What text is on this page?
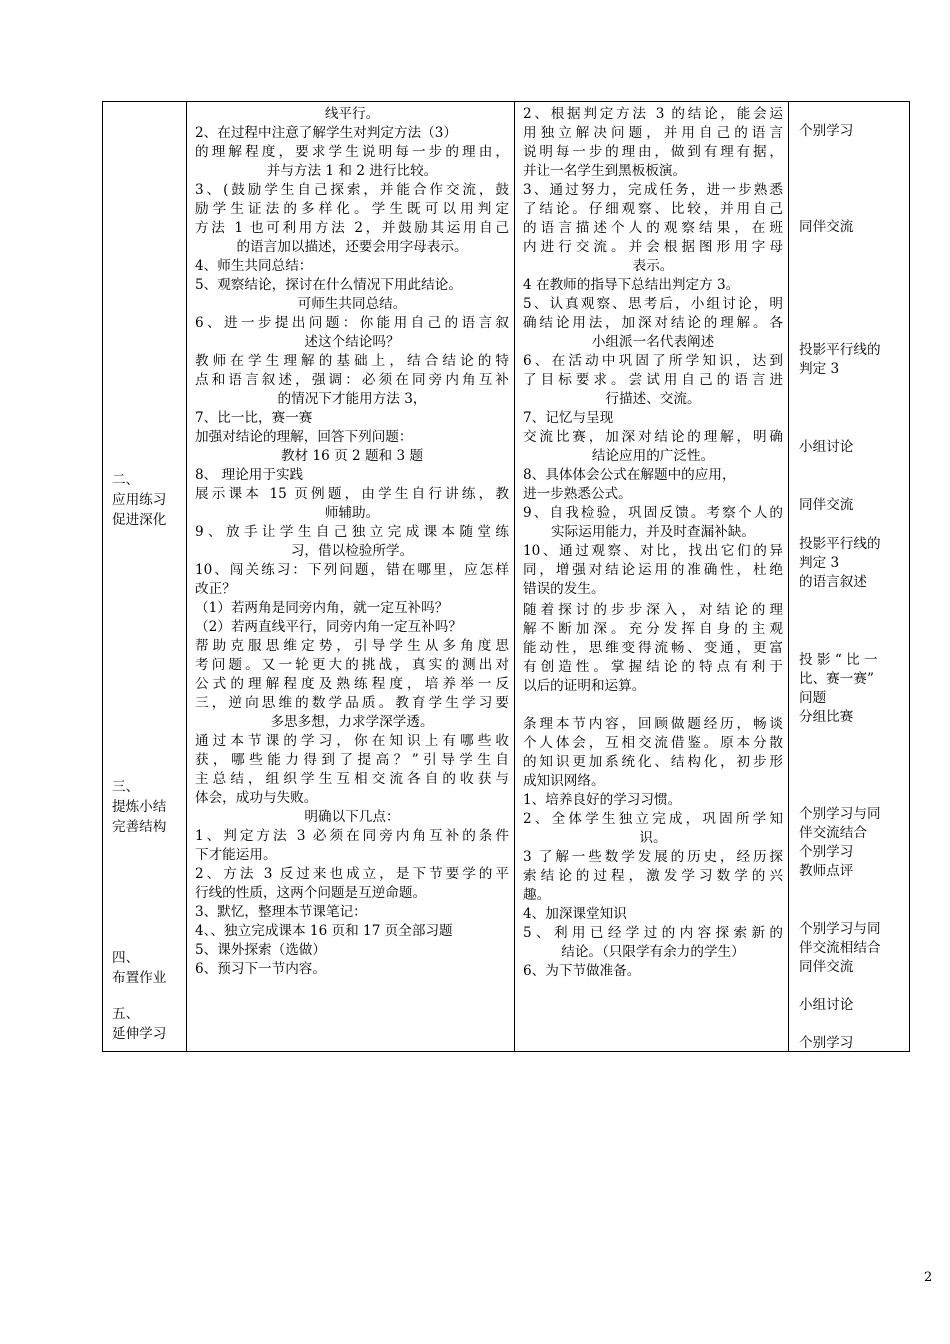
二、
应用练习
促进深化
三、
提炼小结
完善结构
四、
布置作业
五、
延伸学习
线平行。
2、在过程中注意了解学生对判定方法（3）
的理解程度，要求学生说明每一步的理由，
并与方法 1 和 2 进行比较。
3、(鼓励学生自己探索，并能合作交流，鼓
励学生证法的多样化。学生既可以用判定
方法 1 也可利用方法 2，并鼓励其运用自己
的语言加以描述，还要会用字母表示。
4、师生共同总结：
5、观察结论，探讨在什么情况下用此结论。
可师生共同总结。
6、进一步提出问题：你能用自己的语言叙
述这个结论吗？
教师在学生理解的基础上，结合结论的特
点和语言叙述，强调：必须在同旁内角互补
的情况下才能用方法 3，
7、比一比，赛一赛
加强对结论的理解，回答下列问题：
教材 16 页 2 题和 3 题
8、 理论用于实践
展示课本 15 页例题，由学生自行讲练，教
师辅助。
9、放手让学生自己独立完成课本随堂练
习，借以检验所学。
10、闯关练习：下列问题，错在哪里，应怎样
改正？
（1）若两角是同旁内角，就一定互补吗？
（2）若两直线平行，同旁内角一定互补吗？
帮助克服思维定势，引导学生从多角度思
考问题。又一轮更大的挑战，真实的测出对
公式的理解程度及熟练程度，培养举一反
三，逆向思维的数学品质。教育学生学习要
多思多想，力求学深学透。
通过本节课的学习，你在知识上有哪些收
获，哪些能力得到了提高？”引导学生自
主总结，组织学生互相交流各自的收获与
体会，成功与失败。
明确以下几点：
1、判定方法 3 必须在同旁内角互补的条件
下才能运用。
2、方法 3 反过来也成立，是下节要学的平
行线的性质，这两个问题是互逆命题。
3、默忆，整理本节课笔记：
4、、独立完成课本 16 页和 17 页全部习题
5、课外探索（选做）
6、预习下一节内容。
2、根据判定方法 3 的结论，能会运
用独立解决问题，并用自己的语言
说明每一步的理由，做到有理有据，
并让一名学生到黑板板演。
3、通过努力，完成任务，进一步熟悉
了结论。仔细观察、比较，并用自己
的语言描述个人的观察结果，在班
内进行交流。并会根据图形用字母
表示。
4 在教师的指导下总结出判定方 3。
5、认真观察、思考后，小组讨论，明
确结论用法，加深对结论的理解。各
小组派一名代表阐述
6、在活动中巩固了所学知识，达到
了目标要求。尝试用自己的语言进
行描述、交流。
7、记忆与呈现
交流比赛，加深对结论的理解，明确
结论应用的广泛性。
8、具体体会公式在解题中的应用，
进一步熟悉公式。
9、自我检验，巩固反馈。考察个人的
实际运用能力，并及时查漏补缺。
10、通过观察、对比，找出它们的异
同，增强对结论运用的准确性，杜绝
错误的发生。
随着探讨的步步深入，对结论的理
解不断加深。充分发挥自身的主观
能动性，思维变得流畅、变通，更富
有创造性。掌握结论的特点有利于
以后的证明和运算。
条理本节内容，回顾做题经历，畅谈
个人体会，互相交流借鉴。原本分散
的知识更加系统化、结构化，初步形
成知识网络。
1、培养良好的学习习惯。
2、全体学生独立完成，巩固所学知
识。
3 了解一些数学发展的历史，经历探
索结论的过程，激发学习数学的兴
趣。
4、加深课堂知识
5、利用已经学过的内容探索新的
结论。（只限学有余力的学生）
6、为下节做准备。
个别学习
同伴交流
投影平行线的
判定 3
小组讨论
同伴交流
投影平行线的
判定 3
的语言叙述
投 影 “ 比 一
比、赛一赛”
问题
分组比赛
个别学习与同
伴交流结合
个别学习
教师点评
个别学习与同
伴交流相结合
同伴交流
小组讨论
个别学习
2
